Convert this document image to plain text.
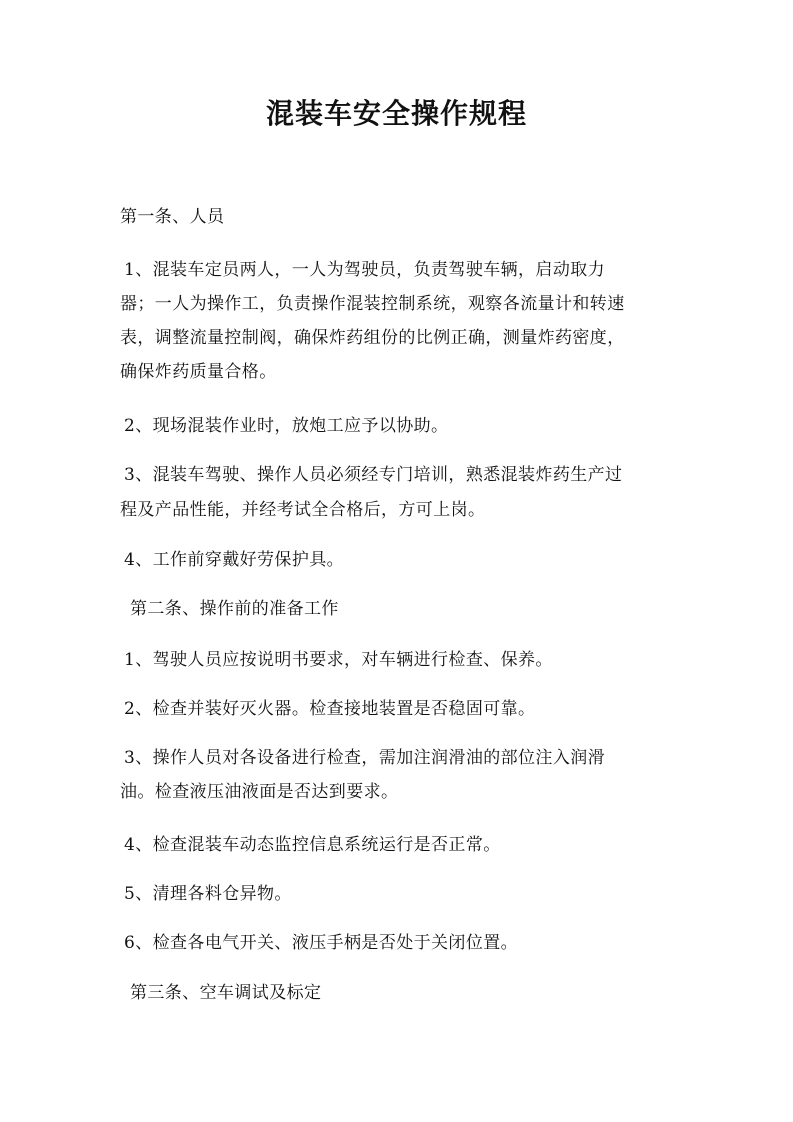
混装车安全操作规程
第一条、人员
1、混装车定员两人，一人为驾驶员，负责驾驶车辆，启动取力
器；一人为操作工，负责操作混装控制系统，观察各流量计和转速
表，调整流量控制阀，确保炸药组份的比例正确，测量炸药密度，
确保炸药质量合格。
2、现场混装作业时，放炮工应予以协助。
3、混装车驾驶、操作人员必须经专门培训，熟悉混装炸药生产过
程及产品性能，并经考试全合格后，方可上岗。
4、工作前穿戴好劳保护具。
第二条、操作前的准备工作
1、驾驶人员应按说明书要求，对车辆进行检查、保养。
2、检查并装好灭火器。检查接地装置是否稳固可靠。
3、操作人员对各设备进行检查，需加注润滑油的部位注入润滑
油。检查液压油液面是否达到要求。
4、检查混装车动态监控信息系统运行是否正常。
5、清理各料仓异物。
6、检查各电气开关、液压手柄是否处于关闭位置。
第三条、空车调试及标定
